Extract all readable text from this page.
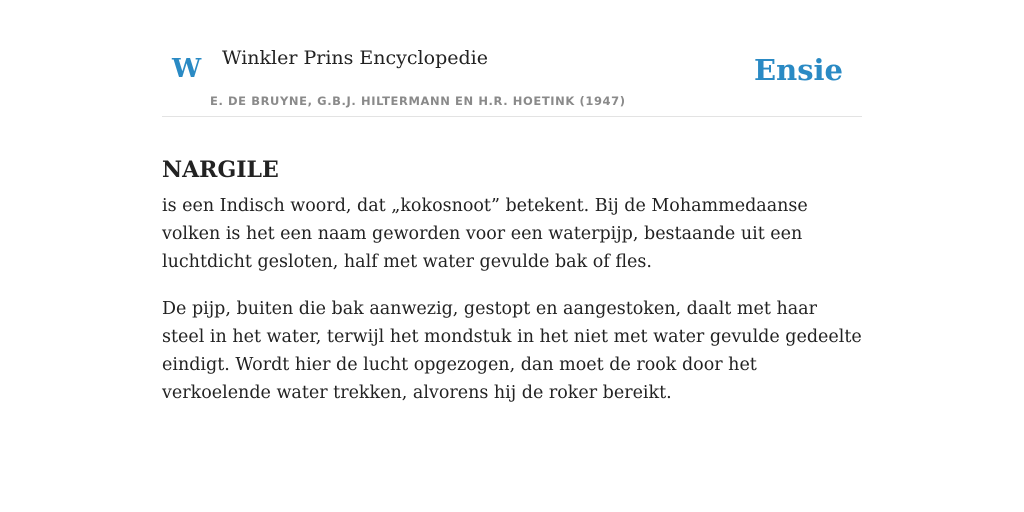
W Winkler Prins Encyclopedie
E. DE BRUYNE, G.B.J. HILTERMANN EN H.R. HOETINK (1947)
Ensie
NARGILE

is een Indisch woord, dat „kokosnoot” betekent. Bij de Mohammedaanse volken is het een naam geworden voor een waterpijp, bestaande uit een luchtdicht gesloten, half met water gevulde bak of fles.

De pijp, buiten die bak aanwezig, gestopt en aangestoken, daalt met haar steel in het water, terwijl het mondstuk in het niet met water gevulde gedeelte eindigt. Wordt hier de lucht opgezogen, dan moet de rook door het verkoelende water trekken, alvorens hij de roker bereikt.
